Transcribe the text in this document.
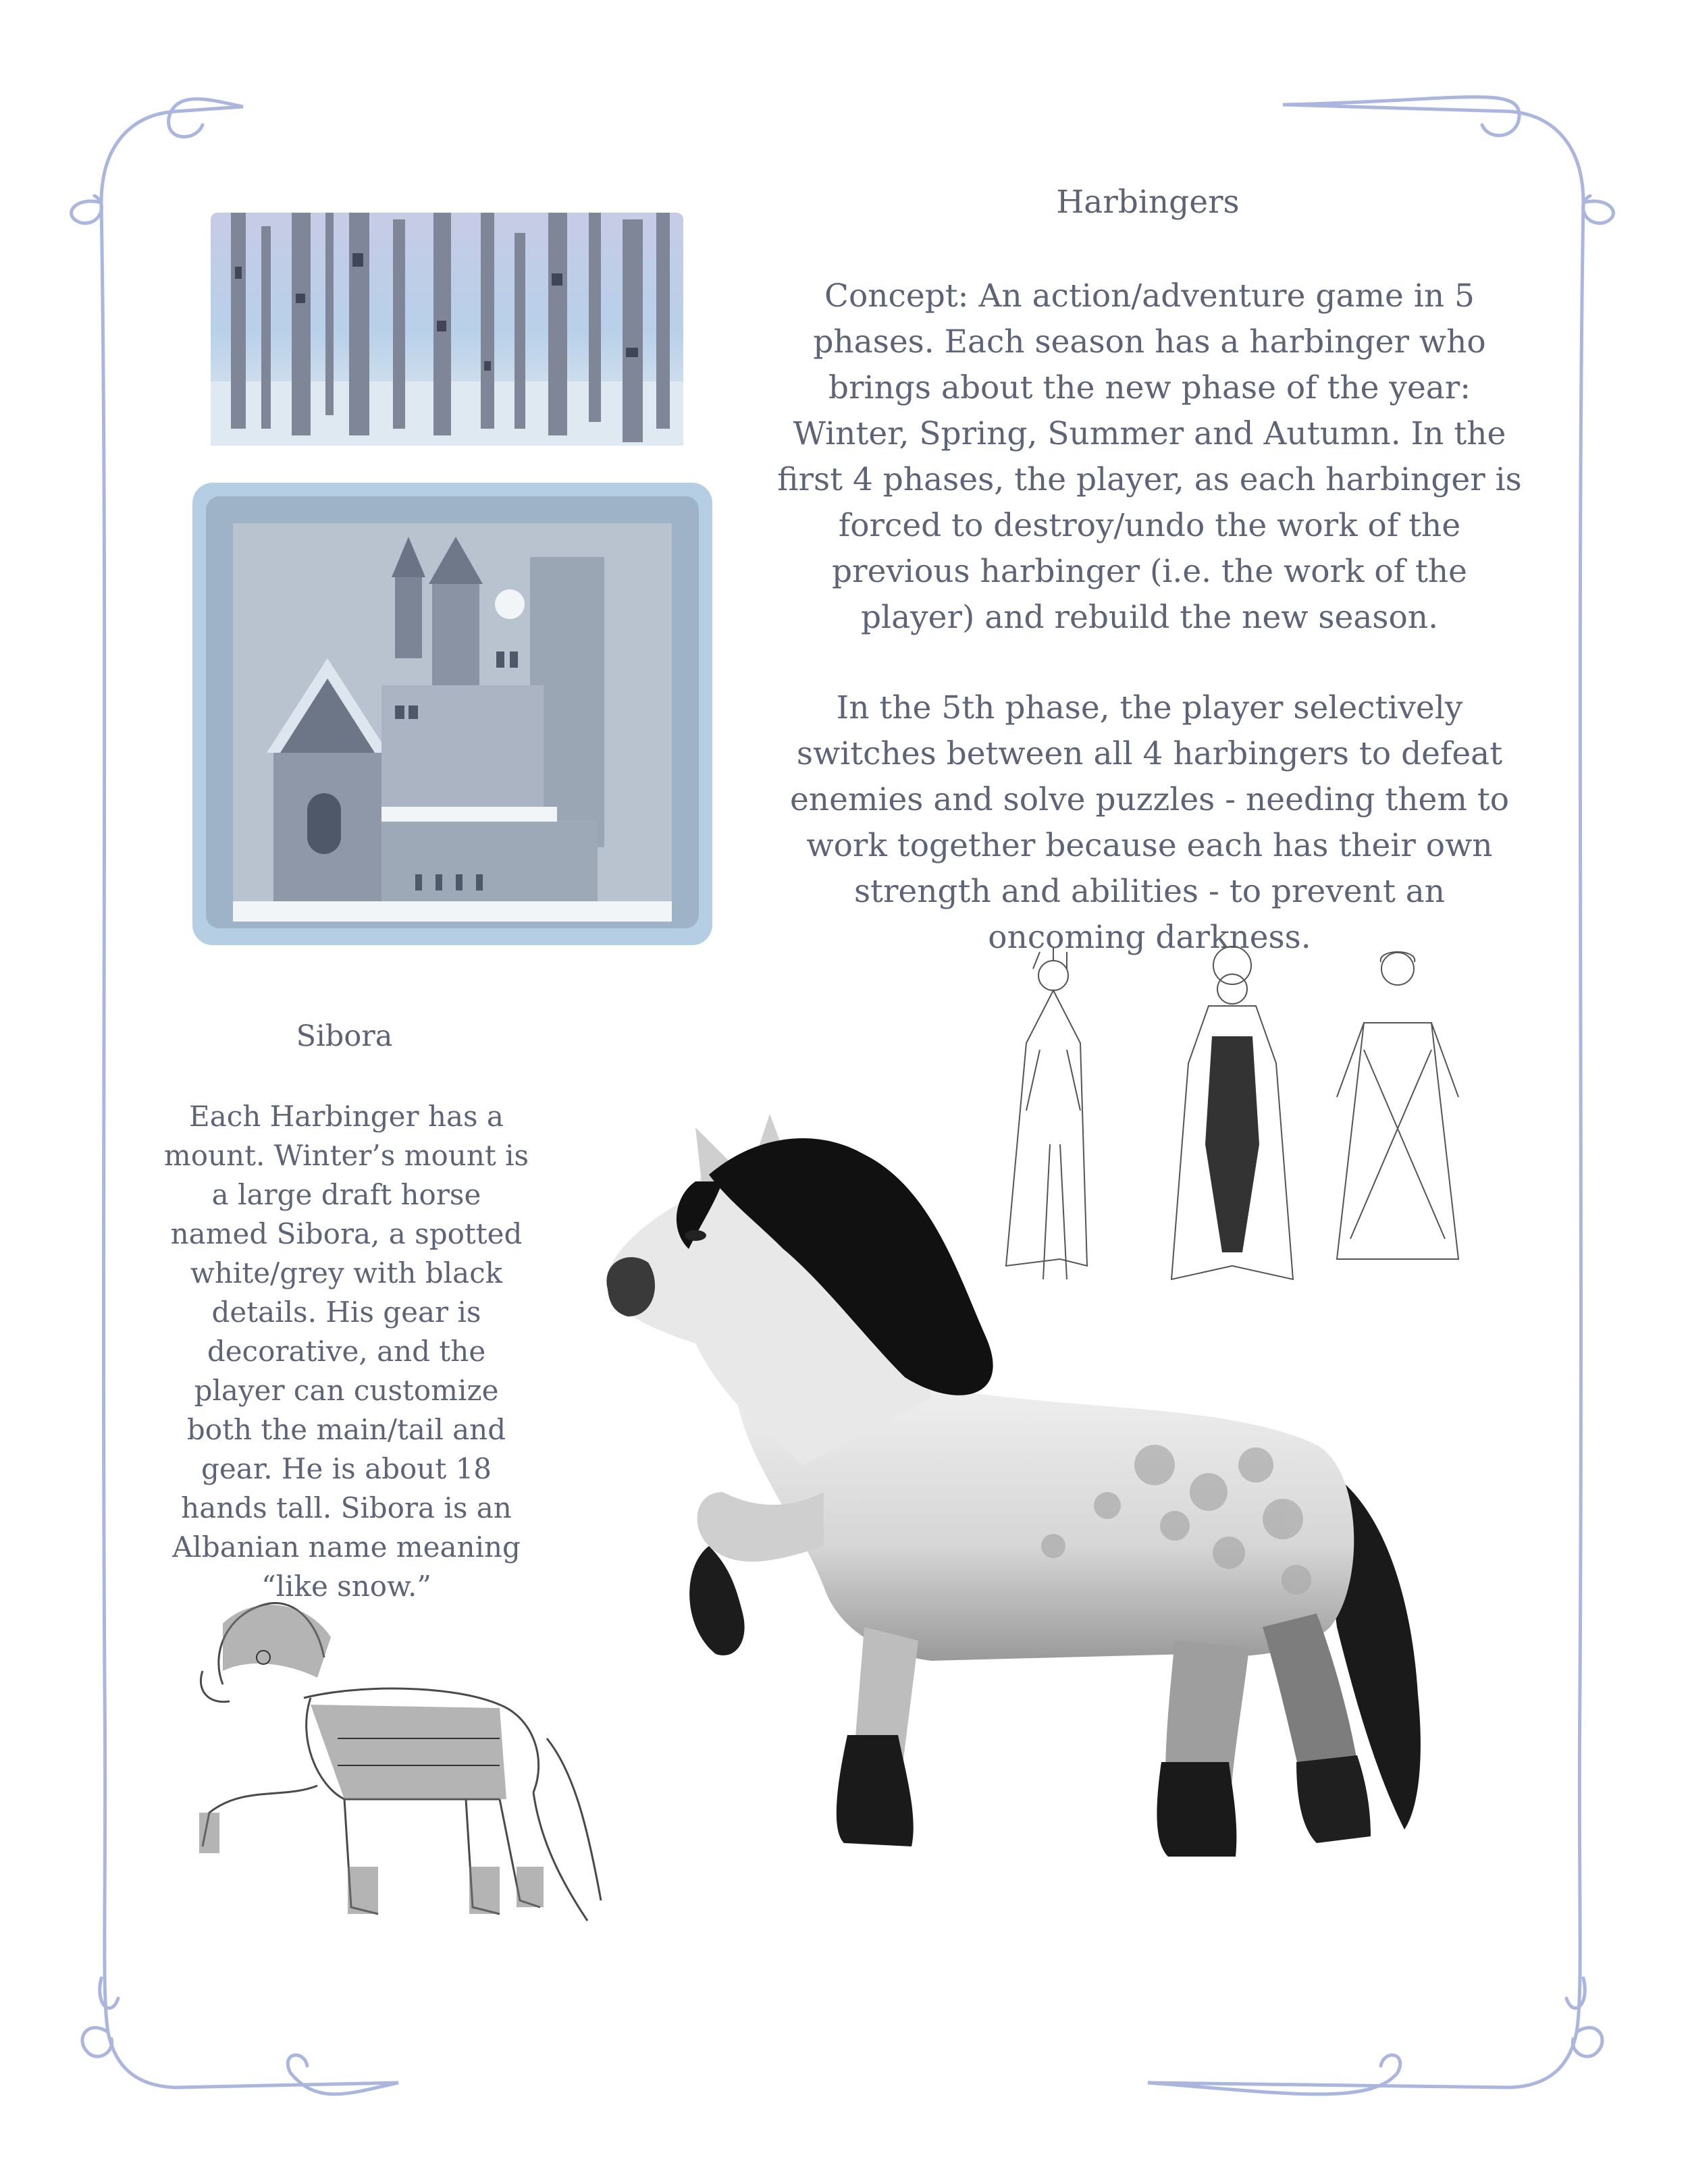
Harbingers

Concept: An action/adventure game in 5 phases. Each season has a harbinger who brings about the new phase of the year: Winter, Spring, Summer and Autumn. In the first 4 phases, the player, as each harbinger is forced to destroy/undo the work of the previous harbinger (i.e. the work of the player) and rebuild the new season.

In the 5th phase, the player selectively switches between all 4 harbingers to defeat enemies and solve puzzles - needing them to work together because each has their own strength and abilities - to prevent an oncoming darkness.

Sibora
Each Harbinger has a mount. Winter’s mount is a large draft horse named Sibora, a spotted white/grey with black details. His gear is decorative, and the player can customize both the main/tail and gear. He is about 18 hands tall. Sibora is an Albanian name meaning “like snow.”
